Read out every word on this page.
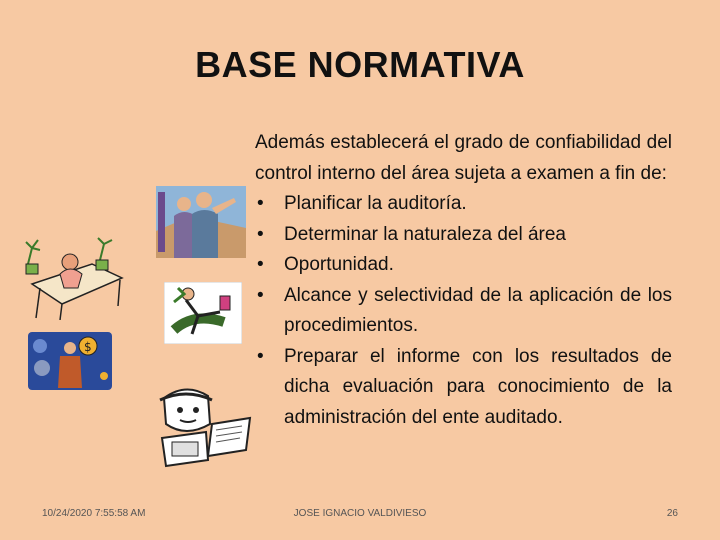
BASE NORMATIVA
$

Además establecerá el grado de confiabilidad del control interno del área sujeta a examen a fin de:

• Planificar la auditoría.
• Determinar la naturaleza del área
• Oportunidad.
• Alcance y selectividad de la aplicación de los procedimientos.
• Preparar el informe con los resultados de dicha evaluación para conocimiento de la administración del ente auditado.
10/24/2020 7:55:58 AM	JOSE IGNACIO VALDIVIESO	26
